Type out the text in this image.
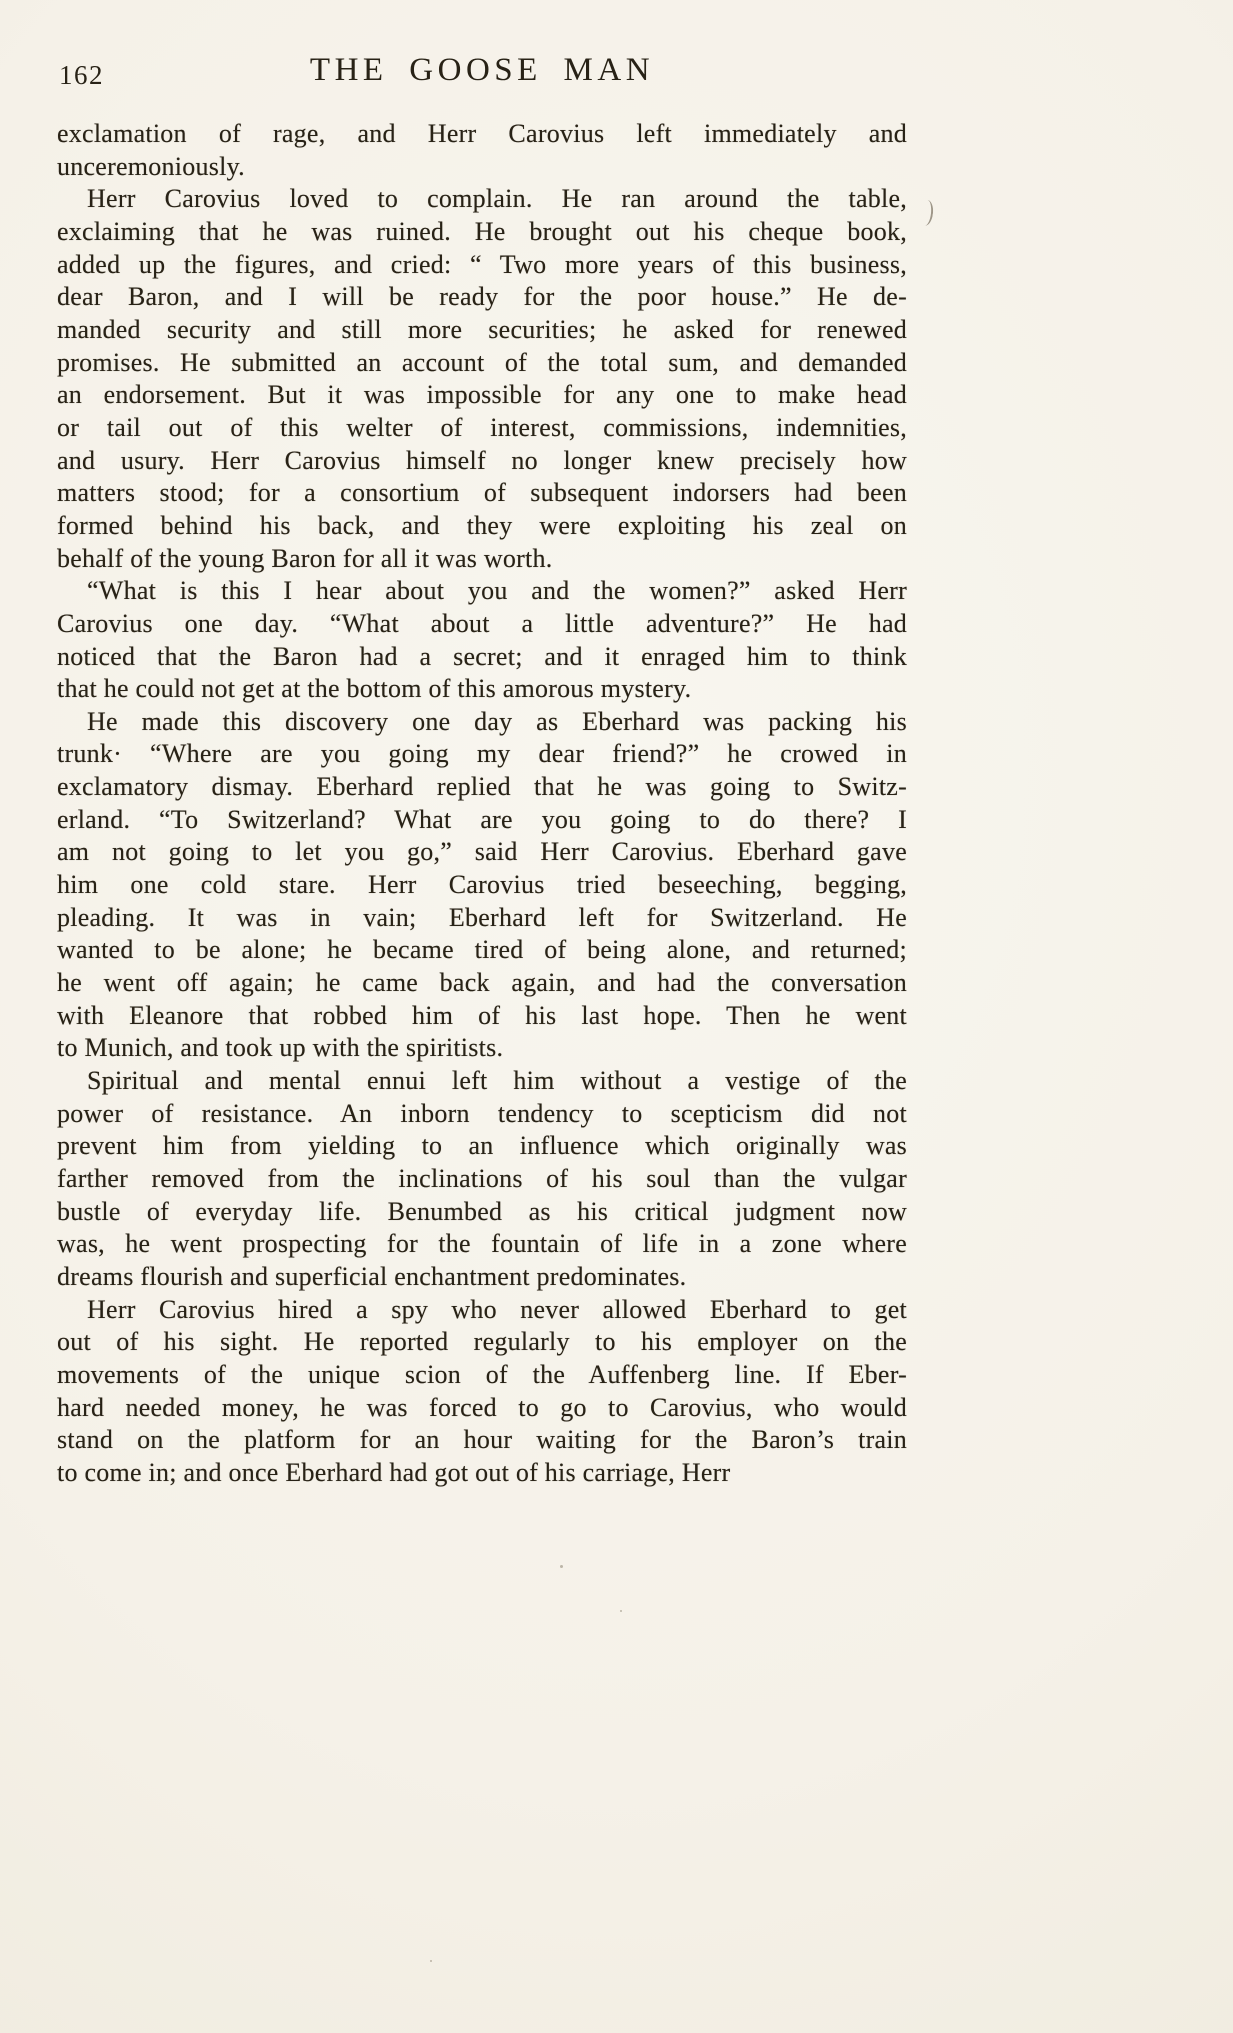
162	THE GOOSE MAN
exclamation of rage, and Herr Carovius left immediately and
unceremoniously.
Herr Carovius loved to complain. He ran around the table,
exclaiming that he was ruined. He brought out his cheque book,
added up the figures, and cried: “ Two more years of this business,
dear Baron, and I will be ready for the poor house.” He de-
manded security and still more securities; he asked for renewed
promises. He submitted an account of the total sum, and demanded
an endorsement. But it was impossible for any one to make head
or tail out of this welter of interest, commissions, indemnities,
and usury. Herr Carovius himself no longer knew precisely how
matters stood; for a consortium of subsequent indorsers had been
formed behind his back, and they were exploiting his zeal on
behalf of the young Baron for all it was worth.
“What is this I hear about you and the women?” asked Herr
Carovius one day. “What about a little adventure?” He had
noticed that the Baron had a secret; and it enraged him to think
that he could not get at the bottom of this amorous mystery.
He made this discovery one day as Eberhard was packing his
trunk· “Where are you going my dear friend?” he crowed in
exclamatory dismay. Eberhard replied that he was going to Switz-
erland. “To Switzerland? What are you going to do there? I
am not going to let you go,” said Herr Carovius. Eberhard gave
him one cold stare. Herr Carovius tried beseeching, begging,
pleading. It was in vain; Eberhard left for Switzerland. He
wanted to be alone; he became tired of being alone, and returned;
he went off again; he came back again, and had the conversation
with Eleanore that robbed him of his last hope. Then he went
to Munich, and took up with the spiritists.
Spiritual and mental ennui left him without a vestige of the
power of resistance. An inborn tendency to scepticism did not
prevent him from yielding to an influence which originally was
farther removed from the inclinations of his soul than the vulgar
bustle of everyday life. Benumbed as his critical judgment now
was, he went prospecting for the fountain of life in a zone where
dreams flourish and superficial enchantment predominates.
Herr Carovius hired a spy who never allowed Eberhard to get
out of his sight. He reported regularly to his employer on the
movements of the unique scion of the Auffenberg line. If Eber-
hard needed money, he was forced to go to Carovius, who would
stand on the platform for an hour waiting for the Baron’s train
to come in; and once Eberhard had got out of his carriage, Herr
